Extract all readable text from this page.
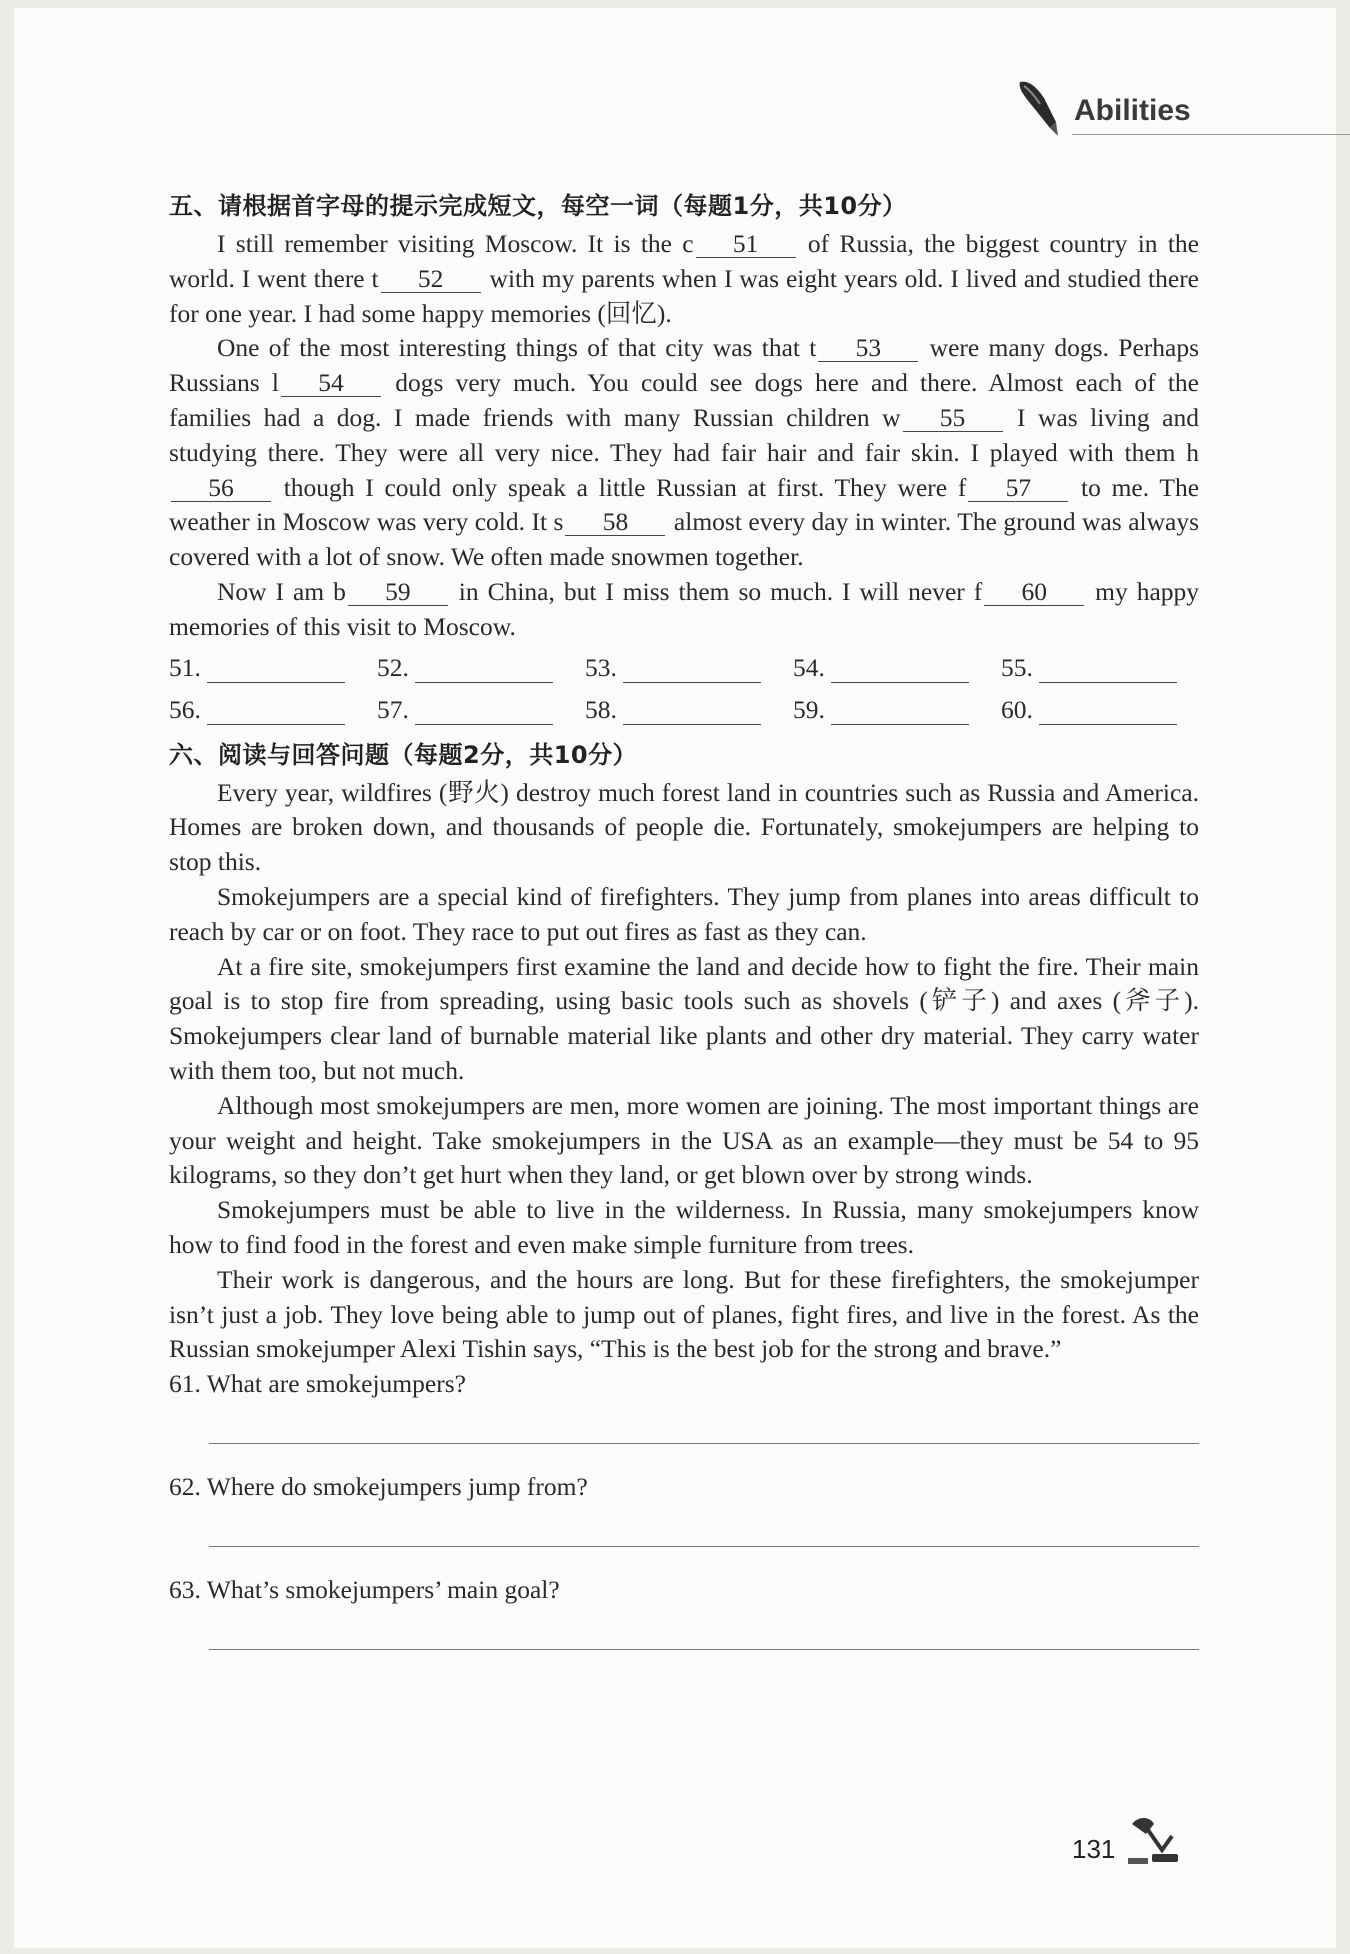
Abilities
五、请根据首字母的提示完成短文，每空一词（每题1分，共10分）

I still remember visiting Moscow. It is the c 51 of Russia, the biggest country in the world. I went there t 52 with my parents when I was eight years old. I lived and studied there for one year. I had some happy memories (回忆).

One of the most interesting things of that city was that t 53 were many dogs. Perhaps Russians l 54 dogs very much. You could see dogs here and there. Almost each of the families had a dog. I made friends with many Russian children w 55 I was living and studying there. They were all very nice. They had fair hair and fair skin. I played with them h56 though I could only speak a little Russian at first. They were f 57 to me. The weather in Moscow was very cold. It s 58 almost every day in winter. The ground was always covered with a lot of snow. We often made snowmen together.

Now I am b 59 in China, but I miss them so much. I will never f 60 my happy memories of this visit to Moscow.

51.	52.	53.	54.	55.
56.	57.	58.	59.	60.
六、阅读与回答问题（每题2分，共10分）

Every year, wildfires (野火) destroy much forest land in countries such as Russia and America. Homes are broken down, and thousands of people die. Fortunately, smokejumpers are helping to stop this.

Smokejumpers are a special kind of firefighters. They jump from planes into areas difficult to reach by car or on foot. They race to put out fires as fast as they can.

At a fire site, smokejumpers first examine the land and decide how to fight the fire. Their main goal is to stop fire from spreading, using basic tools such as shovels (铲子) and axes (斧子). Smokejumpers clear land of burnable material like plants and other dry material. They carry water with them too, but not much.

Although most smokejumpers are men, more women are joining. The most important things are your weight and height. Take smokejumpers in the USA as an example—they must be 54 to 95 kilograms, so they don’t get hurt when they land, or get blown over by strong winds.

Smokejumpers must be able to live in the wilderness. In Russia, many smokejumpers know how to find food in the forest and even make simple furniture from trees.

Their work is dangerous, and the hours are long. But for these firefighters, the smokejumper isn’t just a job. They love being able to jump out of planes, fight fires, and live in the forest. As the Russian smokejumper Alexi Tishin says, “This is the best job for the strong and brave.”

61. What are smokejumpers?

62. Where do smokejumpers jump from?

63. What’s smokejumpers’ main goal?

131
